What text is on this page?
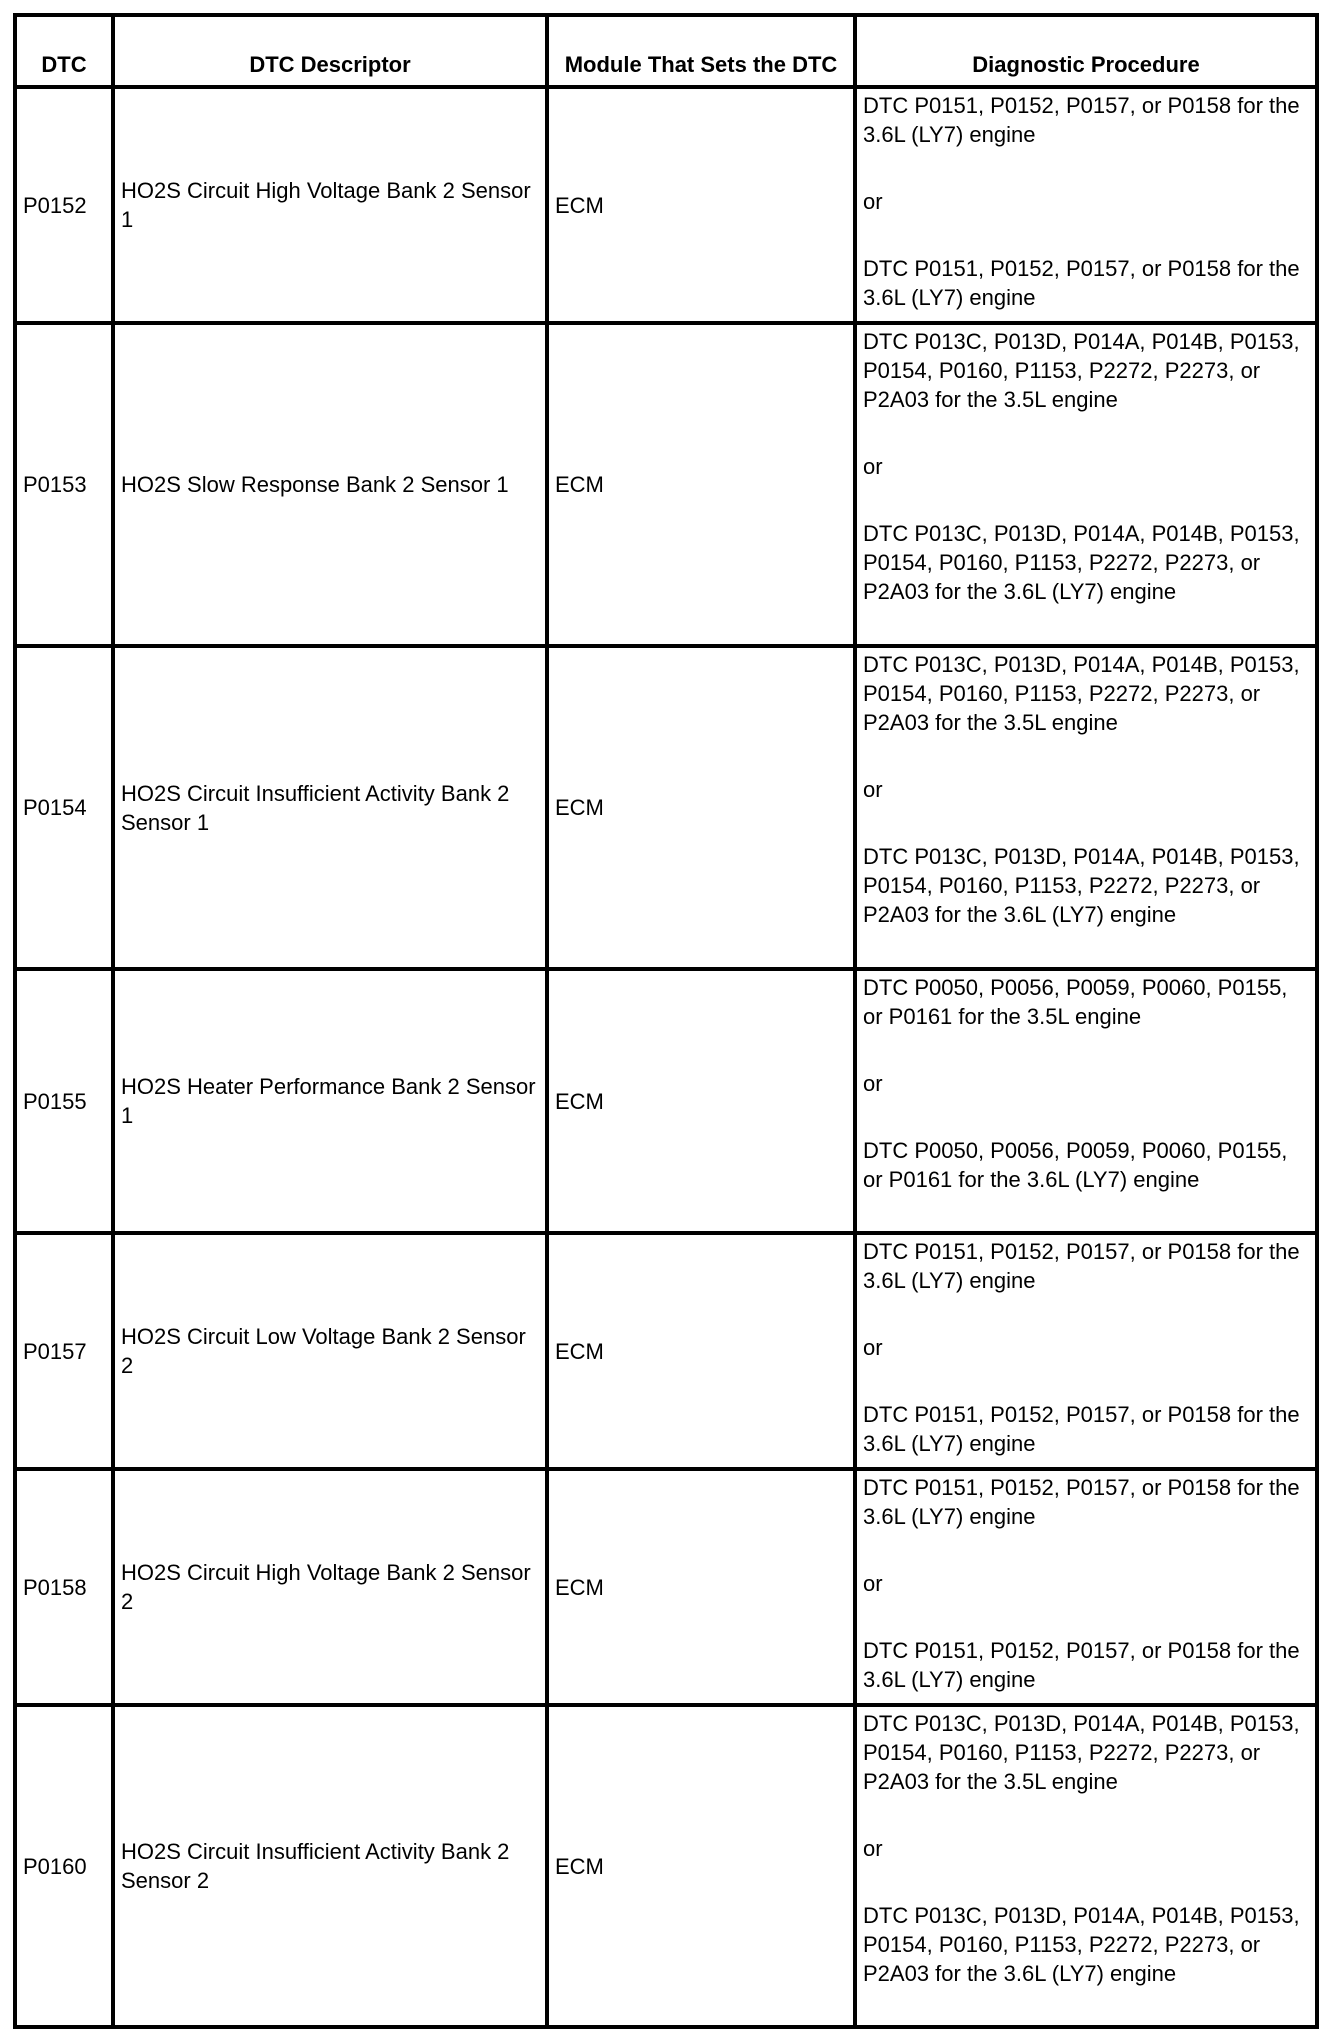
DTC	DTC Descriptor	Module That Sets the DTC	Diagnostic Procedure
P0152	HO2S Circuit High Voltage Bank 2 Sensor 1	ECM	DTC P0151, P0152, P0157, or P0158 for the 3.6L (LY7) engine
or
DTC P0151, P0152, P0157, or P0158 for the 3.6L (LY7) engine

P0153	HO2S Slow Response Bank 2 Sensor 1	ECM	DTC P013C, P013D, P014A, P014B, P0153, P0154, P0160, P1153, P2272, P2273, or P2A03 for the 3.5L engine
or
DTC P013C, P013D, P014A, P014B, P0153, P0154, P0160, P1153, P2272, P2273, or P2A03 for the 3.6L (LY7) engine

P0154	HO2S Circuit Insufficient Activity Bank 2 Sensor 1	ECM	DTC P013C, P013D, P014A, P014B, P0153, P0154, P0160, P1153, P2272, P2273, or P2A03 for the 3.5L engine
or
DTC P013C, P013D, P014A, P014B, P0153, P0154, P0160, P1153, P2272, P2273, or P2A03 for the 3.6L (LY7) engine

P0155	HO2S Heater Performance Bank 2 Sensor 1	ECM	DTC P0050, P0056, P0059, P0060, P0155, or P0161 for the 3.5L engine
or
DTC P0050, P0056, P0059, P0060, P0155, or P0161 for the 3.6L (LY7) engine

P0157	HO2S Circuit Low Voltage Bank 2 Sensor 2	ECM	DTC P0151, P0152, P0157, or P0158 for the 3.6L (LY7) engine
or
DTC P0151, P0152, P0157, or P0158 for the 3.6L (LY7) engine

P0158	HO2S Circuit High Voltage Bank 2 Sensor 2	ECM	DTC P0151, P0152, P0157, or P0158 for the 3.6L (LY7) engine
or
DTC P0151, P0152, P0157, or P0158 for the 3.6L (LY7) engine

P0160	HO2S Circuit Insufficient Activity Bank 2 Sensor 2	ECM	DTC P013C, P013D, P014A, P014B, P0153, P0154, P0160, P1153, P2272, P2273, or P2A03 for the 3.5L engine
or
DTC P013C, P013D, P014A, P014B, P0153, P0154, P0160, P1153, P2272, P2273, or P2A03 for the 3.6L (LY7) engine
